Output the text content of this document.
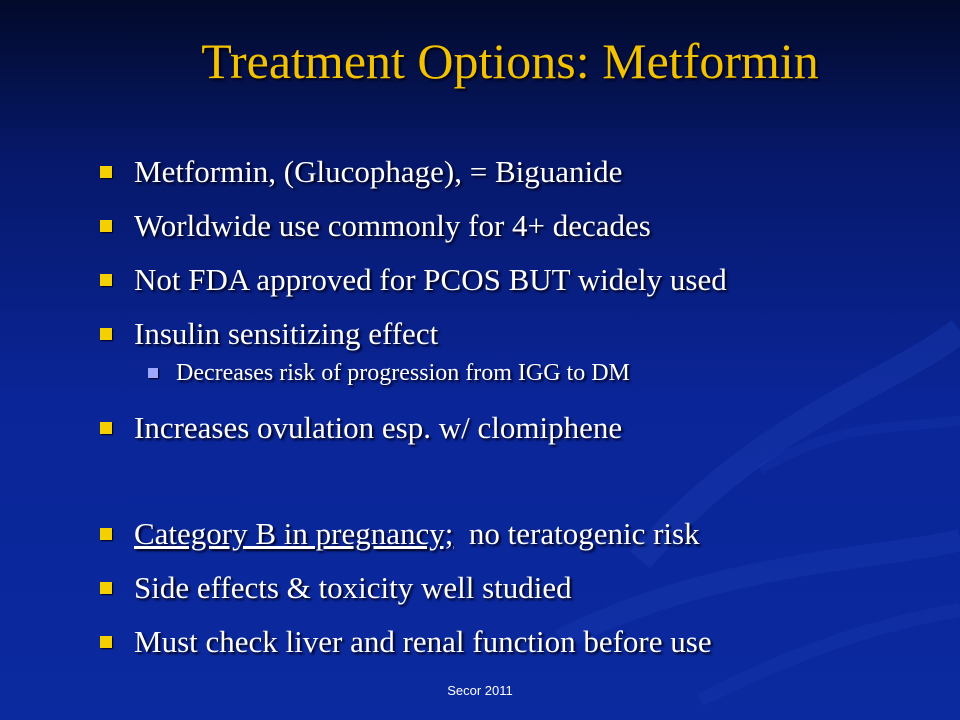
Treatment Options: Metformin
Metformin, (Glucophage), = Biguanide
Worldwide use commonly for 4+ decades
Not FDA approved for PCOS BUT widely used
Insulin sensitizing effect
Decreases risk of progression from IGG to DM
Increases ovulation esp. w/ clomiphene
Category B in pregnancy;  no teratogenic risk
Side effects & toxicity well studied
Must check liver and renal function before use
Secor 2011
